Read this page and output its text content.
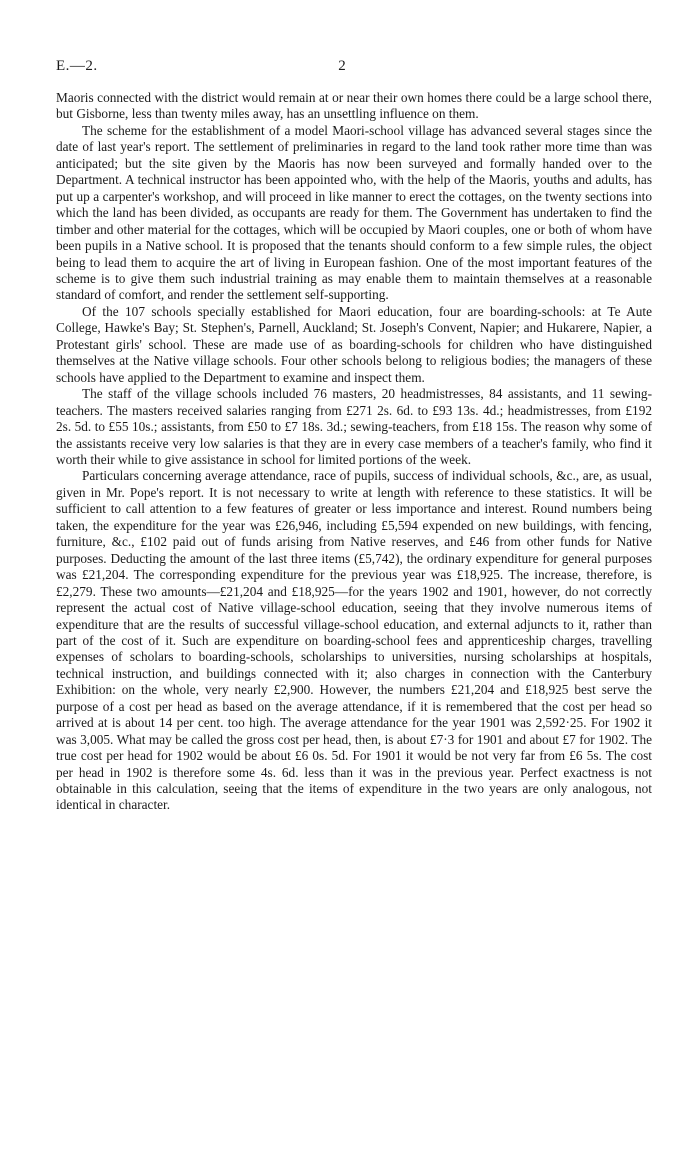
E.—2.	2

Maoris connected with the district would remain at or near their own homes there could be a large school there, but Gisborne, less than twenty miles away, has an unsettling influence on them.

The scheme for the establishment of a model Maori-school village has advanced several stages since the date of last year's report. The settlement of preliminaries in regard to the land took rather more time than was anticipated; but the site given by the Maoris has now been surveyed and formally handed over to the Department. A technical instructor has been appointed who, with the help of the Maoris, youths and adults, has put up a carpenter's workshop, and will proceed in like manner to erect the cottages, on the twenty sections into which the land has been divided, as occupants are ready for them. The Government has undertaken to find the timber and other material for the cottages, which will be occupied by Maori couples, one or both of whom have been pupils in a Native school. It is proposed that the tenants should conform to a few simple rules, the object being to lead them to acquire the art of living in European fashion. One of the most important features of the scheme is to give them such industrial training as may enable them to maintain themselves at a reasonable standard of comfort, and render the settlement self-supporting.

Of the 107 schools specially established for Maori education, four are boarding-schools: at Te Aute College, Hawke's Bay; St. Stephen's, Parnell, Auckland; St. Joseph's Convent, Napier; and Hukarere, Napier, a Protestant girls' school. These are made use of as boarding-schools for children who have distinguished themselves at the Native village schools. Four other schools belong to religious bodies; the managers of these schools have applied to the Department to examine and inspect them.

The staff of the village schools included 76 masters, 20 headmistresses, 84 assistants, and 11 sewing-teachers. The masters received salaries ranging from £271 2s. 6d. to £93 13s. 4d.; headmistresses, from £192 2s. 5d. to £55 10s.; assistants, from £50 to £7 18s. 3d.; sewing-teachers, from £18 15s. The reason why some of the assistants receive very low salaries is that they are in every case members of a teacher's family, who find it worth their while to give assistance in school for limited portions of the week.

Particulars concerning average attendance, race of pupils, success of individual schools, &c., are, as usual, given in Mr. Pope's report. It is not necessary to write at length with reference to these statistics. It will be sufficient to call attention to a few features of greater or less importance and interest. Round numbers being taken, the expenditure for the year was £26,946, including £5,594 expended on new buildings, with fencing, furniture, &c., £102 paid out of funds arising from Native reserves, and £46 from other funds for Native purposes. Deducting the amount of the last three items (£5,742), the ordinary expenditure for general purposes was £21,204. The corresponding expenditure for the previous year was £18,925. The increase, therefore, is £2,279. These two amounts—£21,204 and £18,925—for the years 1902 and 1901, however, do not correctly represent the actual cost of Native village-school education, seeing that they involve numerous items of expenditure that are the results of successful village-school education, and external adjuncts to it, rather than part of the cost of it. Such are expenditure on boarding-school fees and apprenticeship charges, travelling expenses of scholars to boarding-schools, scholarships to universities, nursing scholarships at hospitals, technical instruction, and buildings connected with it; also charges in connection with the Canterbury Exhibition: on the whole, very nearly £2,900. However, the numbers £21,204 and £18,925 best serve the purpose of a cost per head as based on the average attendance, if it is remembered that the cost per head so arrived at is about 14 per cent. too high. The average attendance for the year 1901 was 2,592·25. For 1902 it was 3,005. What may be called the gross cost per head, then, is about £7·3 for 1901 and about £7 for 1902. The true cost per head for 1902 would be about £6 0s. 5d. For 1901 it would be not very far from £6 5s. The cost per head in 1902 is therefore some 4s. 6d. less than it was in the previous year. Perfect exactness is not obtainable in this calculation, seeing that the items of expenditure in the two years are only analogous, not identical in character.
